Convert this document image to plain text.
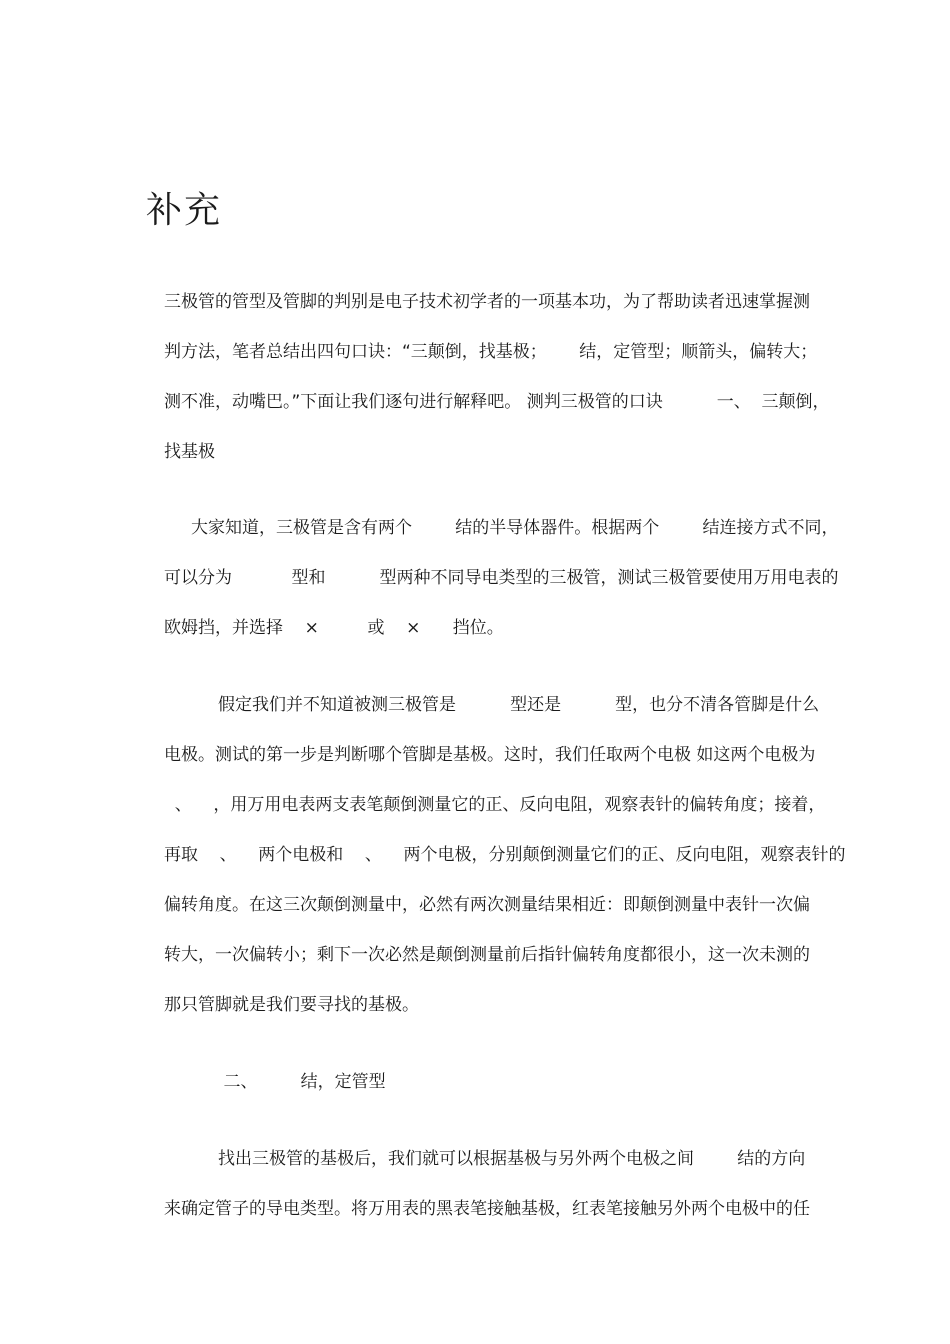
补充
三极管的管型及管脚的判别是电子技术初学者的一项基本功，为了帮助读者迅速掌握测
判方法，笔者总结出四句口诀：“三颠倒，找基极；      结，定管型；顺箭头，偏转大；
测不准，动嘴巴。”下面让我们逐句进行解释吧。 测判三极管的口诀          一、  三颠倒，
找基极
大家知道，三极管是含有两个        结的半导体器件。根据两个        结连接方式不同，
可以分为           型和          型两种不同导电类型的三极管，测试三极管要使用万用电表的
欧姆挡，并选择    ×         或    ×      挡位。
假定我们并不知道被测三极管是          型还是          型，也分不清各管脚是什么
电极。测试的第一步是判断哪个管脚是基极。这时，我们任取两个电极 如这两个电极为
、    ，用万用电表两支表笔颠倒测量它的正、反向电阻，观察表针的偏转角度；接着，
再取    、    两个电极和    、    两个电极，分别颠倒测量它们的正、反向电阻，观察表针的
偏转角度。在这三次颠倒测量中，必然有两次测量结果相近：即颠倒测量中表针一次偏
转大，一次偏转小；剩下一次必然是颠倒测量前后指针偏转角度都很小，这一次未测的
那只管脚就是我们要寻找的基极。
二、        结，定管型
找出三极管的基极后，我们就可以根据基极与另外两个电极之间        结的方向
来确定管子的导电类型。将万用表的黑表笔接触基极，红表笔接触另外两个电极中的任
